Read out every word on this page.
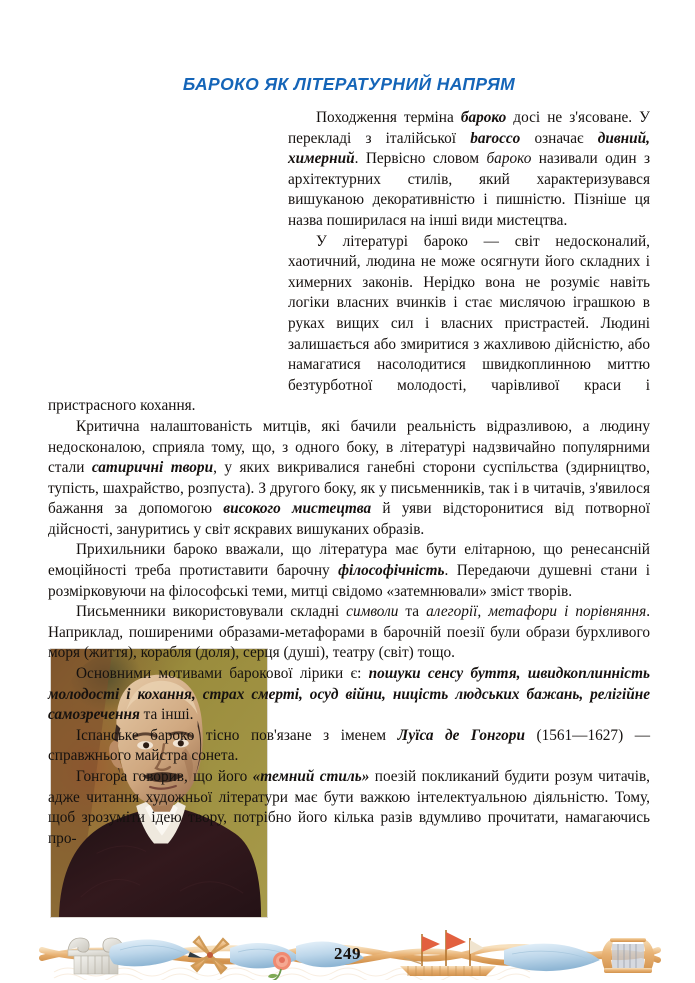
БАРОКО ЯК ЛІТЕРАТУРНИЙ НАПРЯМ

Походження терміна бароко досі не з'ясоване. У перекладі з італійської barocco означає дивний, химерний. Первісно словом бароко називали один з архітектурних стилів, який характеризувався вишуканою декоративністю і пишністю. Пізніше ця назва поширилася на інші види мистецтва.

У літературі бароко — світ недосконалий, хаотичний, людина не може осягнути його складних і химерних законів. Нерідко вона не розуміє навіть логіки власних вчинків і стає мислячою іграшкою в руках вищих сил і власних пристрастей. Людині залишається або змиритися з жахливою дійсністю, або намагатися насолодитися швидкоплинною миттю безтурботної молодості, чарівливої краси і пристрасного кохання.

Критична налаштованість митців, які бачили реальність відразливою, а людину недосконалою, сприяла тому, що, з одного боку, в літературі надзвичайно популярними стали сатиричні твори, у яких викривалися ганебні сторони суспільства (здирництво, тупість, шахрайство, розпуста). З другого боку, як у письменників, так і в читачів, з'явилося бажання за допомогою високого мистецтва й уяви відсторонитися від потворної дійсності, зануритись у світ яскравих вишуканих образів.

Прихильники бароко вважали, що література має бути елітарною, що ренесансній емоційності треба протиставити барочну філософічність. Передаючи душевні стани і розмірковуючи на філософські теми, митці свідомо «затемнювали» зміст творів.

Письменники використовували складні символи та алегорії, метафори і порівняння. Наприклад, поширеними образами-метафорами в барочній поезії були образи бурхливого моря (життя), корабля (доля), серця (душі), театру (світ) тощо.

Основними мотивами барокової лірики є: пошуки сенсу буття, швидкоплинність молодості і кохання, страх смерті, осуд війни, ницість людських бажань, релігійне самозречення та інші.

Іспанське бароко тісно пов'язане з іменем Луїса де Гонгори (1561—1627) — справжнього майстра сонета.

Гонгора говорив, що його «темний стиль» поезій покликаний будити розум читачів, адже читання художньої літератури має бути важкою інтелектуальною діяльністю. Тому, щоб зрозуміти ідею твору, потрібно його кілька разів вдумливо прочитати, намагаючись про-

249
